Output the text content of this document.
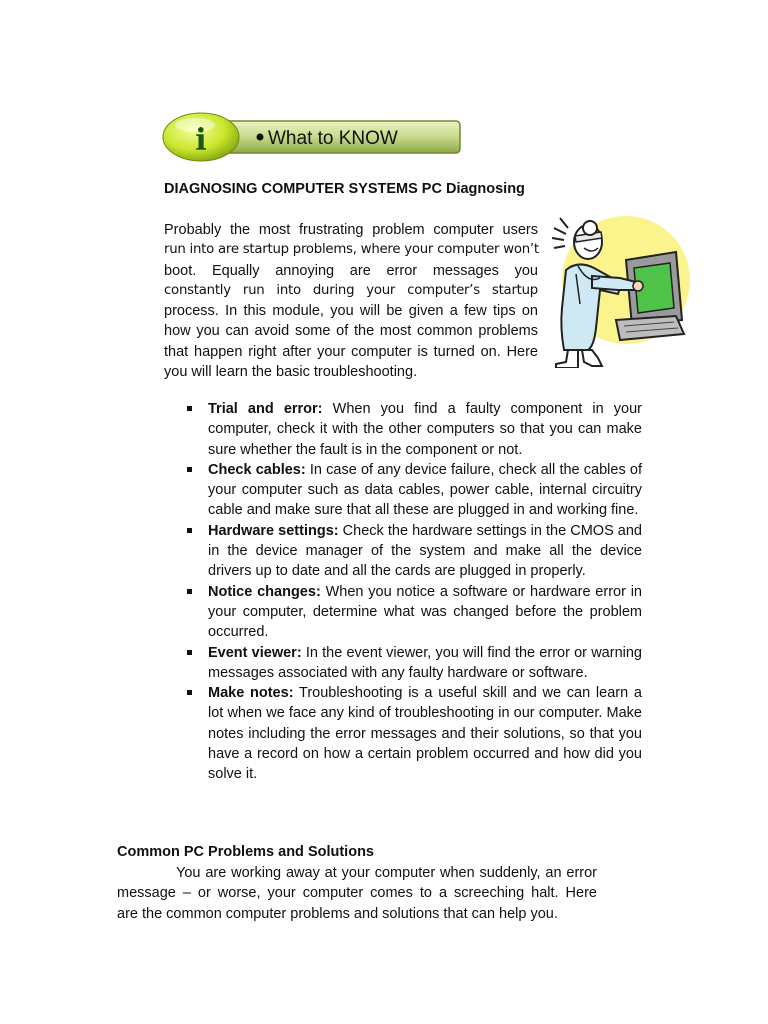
What to KNOW
i
DIAGNOSING COMPUTER SYSTEMS PC Diagnosing
Probably the most frustrating problem computer users
run into are startup problems, where your computer won’t
boot. Equally annoying are error messages you
constantly run into during your computer’s startup
process. In this module, you will be given a few tips on
how you can avoid some of the most common problems
that happen right after your computer is turned on. Here
you will learn the basic troubleshooting.
Trial and error: When you find a faulty component in your computer, check it with the other computers so that you can make sure whether the fault is in the component or not.
Check cables: In case of any device failure, check all the cables of your computer such as data cables, power cable, internal circuitry cable and make sure that all these are plugged in and working fine.
Hardware settings: Check the hardware settings in the CMOS and in the device manager of the system and make all the device drivers up to date and all the cards are plugged in properly.
Notice changes: When you notice a software or hardware error in your computer, determine what was changed before the problem occurred.
Event viewer: In the event viewer, you will find the error or warning messages associated with any faulty hardware or software.
Make notes: Troubleshooting is a useful skill and we can learn a lot when we face any kind of troubleshooting in our computer. Make notes including the error messages and their solutions, so that you have a record on how a certain problem occurred and how did you solve it.
Common PC Problems and Solutions
You are working away at your computer when suddenly, an error
message – or worse, your computer comes to a screeching halt. Here
are the common computer problems and solutions that can help you.
